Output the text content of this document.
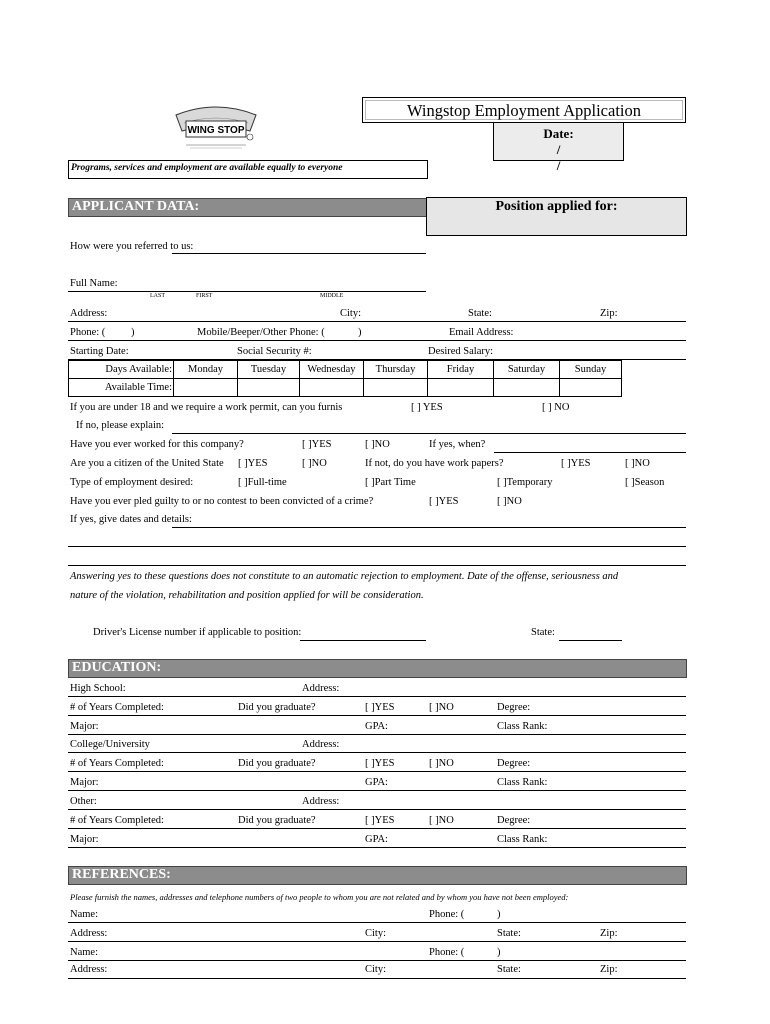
WING STOP
Wingstop Employment Application
Date:
/ /
Programs, services and employment are available equally to everyone
APPLICANT DATA:	Position applied for:
How were you referred to us:
Full Name:
LAST	FIRST	MIDDLE
Address:	City:	State:	Zip:
Phone: ( )	Mobile/Beeper/Other Phone: (	)	Email Address:
Starting Date:	Social Security #:	Desired Salary:
Days Available:	Monday	Tuesday	Wednesday	Thursday	Friday	Saturday	Sunday
Available Time:							
If you are under 18 and we require a work permit, can you furnis	[ ] YES	[ ] NO
If no, please explain:
Have you ever worked for this company?	[ ]YES	[ ]NO	If yes, when?
Are you a citizen of the United State [ ]YES	[ ]NO	If not, do you have work papers?	[ ]YES	[ ]NO
Type of employment desired:	[ ]Full-time	[ ]Part Time	[ ]Temporary	[ ]Season
Have you ever pled guilty to or no contest to been convicted of a crime?	[ ]YES	[ ]NO
If yes, give dates and details:
Answering yes to these questions does not constitute to an automatic rejection to employment. Date of the offense, seriousness and
nature of the violation, rehabilitation and position applied for will be consideration.
Driver's License number if applicable to position:	State:
EDUCATION:
High School:	Address:
# of Years Completed:	Did you graduate?	[ ]YES	[ ]NO	Degree:
Major:	GPA:	Class Rank:
College/University	Address:
# of Years Completed:	Did you graduate?	[ ]YES	[ ]NO	Degree:
Major:	GPA:	Class Rank:
Other:	Address:
# of Years Completed:	Did you graduate?	[ ]YES	[ ]NO	Degree:
Major:	GPA:	Class Rank:
REFERENCES:
Please furnish the names, addresses and telephone numbers of two people to whom you are not related and by whom you have not been employed:
Name:	Phone: (	)
Address:	City:	State:	Zip:
Name:	Phone: (	)
Address:	City:	State:	Zip:
